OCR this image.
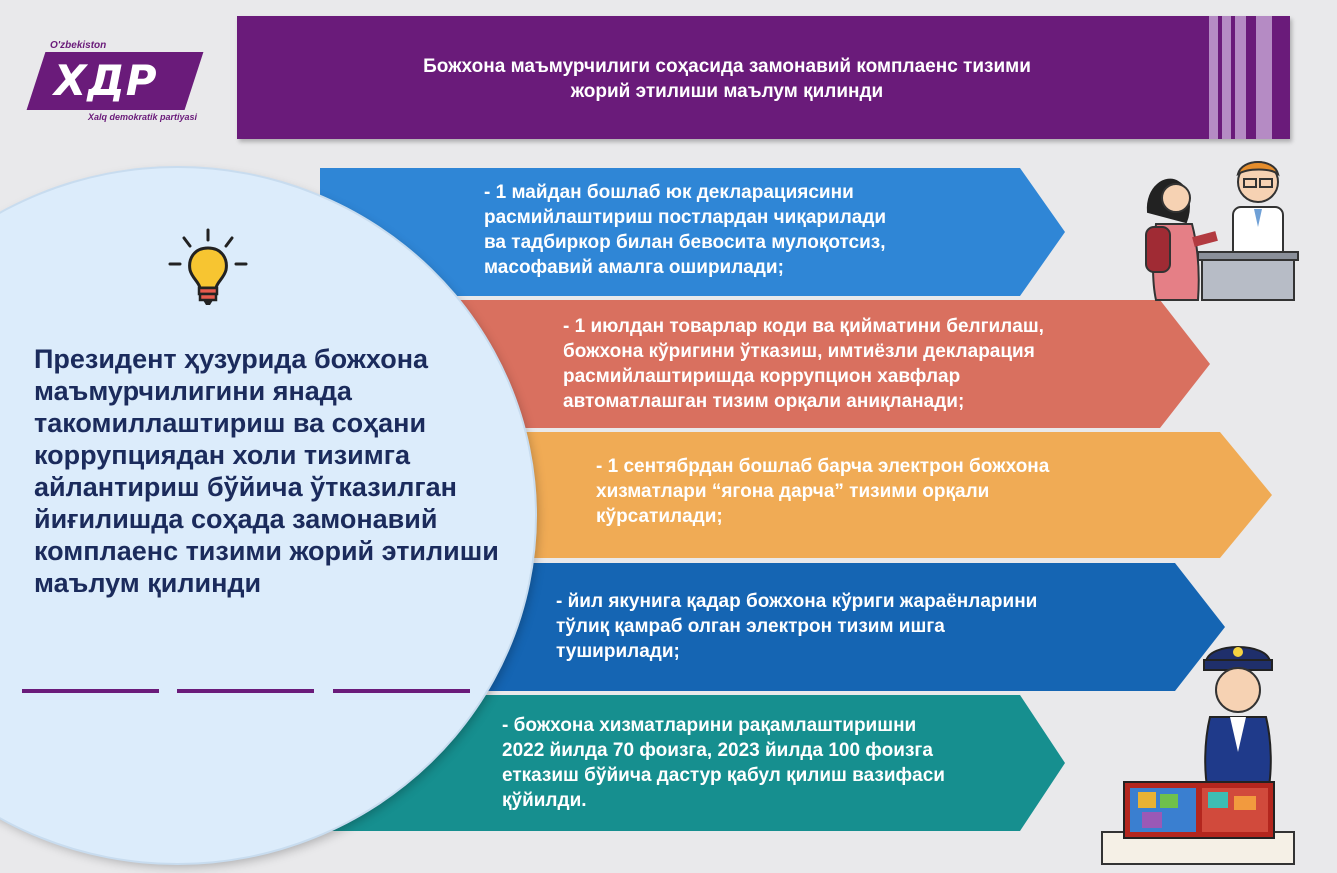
O'zbekiston
ХДР
Xalq demokratik partiyasi
Божхона маъмурчилиги соҳасида замонавий комплаенс тизими
жорий этилиши маълум қилинди
- 1 майдан бошлаб юк декларациясини
расмийлаштириш постлардан чиқарилади
ва тадбиркор билан бевосита мулоқотсиз,
масофавий амалга оширилади;
- 1 июлдан товарлар коди ва қийматини белгилаш,
божхона кўригини ўтказиш, имтиёзли декларация
расмийлаштиришда коррупцион хавфлар
автоматлашган тизим орқали аниқланади;
- 1 сентябрдан бошлаб барча электрон божхона
хизматлари “ягона дарча” тизими орқали
кўрсатилади;
- йил якунига қадар божхона кўриги жараёнларини
тўлиқ қамраб олган электрон тизим ишга
туширилади;
- божхона хизматларини рақамлаштиришни
2022 йилда 70 фоизга, 2023 йилда 100 фоизга
етказиш бўйича дастур қабул қилиш вазифаси
қўйилди.
Президент ҳузурида божхона маъмурчилигини янада такомиллаштириш ва соҳани коррупциядан холи тизимга айлантириш бўйича ўтказилган йиғилишда соҳада замонавий комплаенс тизими жорий этилиши маълум қилинди
